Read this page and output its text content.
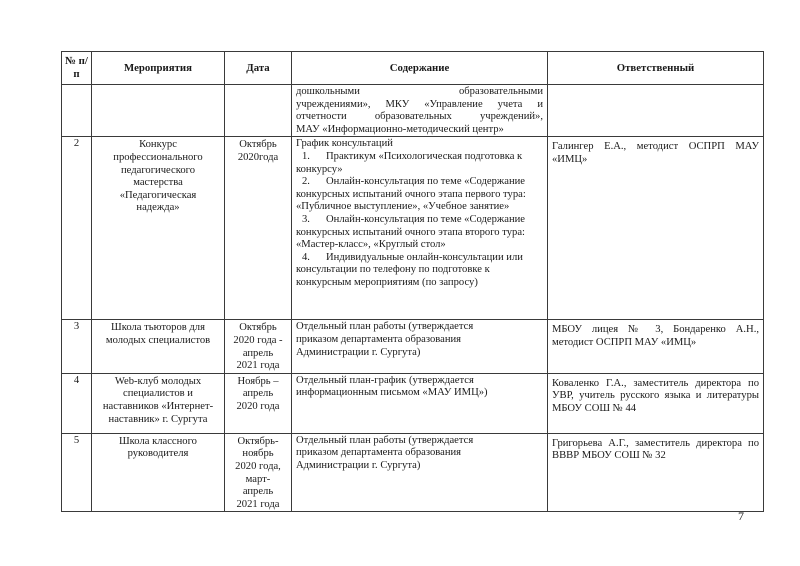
№ п/п	Мероприятия	Дата	Содержание	Ответственный

			дошкольными образовательными
учреждениями», МКУ «Управление учета и
отчетности образовательных учреждений»,
МАУ «Информационно-методический центр»	

2	Конкурс профессионального педагогического мастерства «Педагогическая надежда»	Октябрь 2020года	График консультаций
1. Практикум «Психологическая подготовка к конкурсу»
2. Онлайн-консультация по теме «Содержание конкурсных испытаний очного этапа первого тура: «Публичное выступление», «Учебное занятие»
3. Онлайн-консультация по теме «Содержание конкурсных испытаний очного этапа второго тура: «Мастер-класс», «Круглый стол»
4. Индивидуальные онлайн-консультации или консультации по телефону по подготовке к конкурсным мероприятиям (по запросу)	Галингер Е.А., методист ОСПРП МАУ «ИМЦ»
3	Школа тьюторов для молодых специалистов	Октябрь 2020 года - апрель 2021 года	Отдельный план работы (утверждается приказом департамента образования Администрации г. Сургута)	МБОУ лицея № 3, Бондаренко А.Н., методист ОСПРП МАУ «ИМЦ»
4	Web-клуб молодых специалистов и наставников «Интернет-наставник» г. Сургута	Ноябрь – апрель 2020 года	Отдельный план-график (утверждается информационным письмом «МАУ ИМЦ»)	Коваленко Г.А., заместитель директора по УВР, учитель русского языка и литературы МБОУ СОШ № 44
5	Школа классного руководителя	Октябрь-ноябрь 2020 года, март-апрель 2021 года	Отдельный план работы (утверждается приказом департамента образования Администрации г. Сургута)	Григорьева А.Г., заместитель директора по ВВВР МБОУ СОШ № 32
7
